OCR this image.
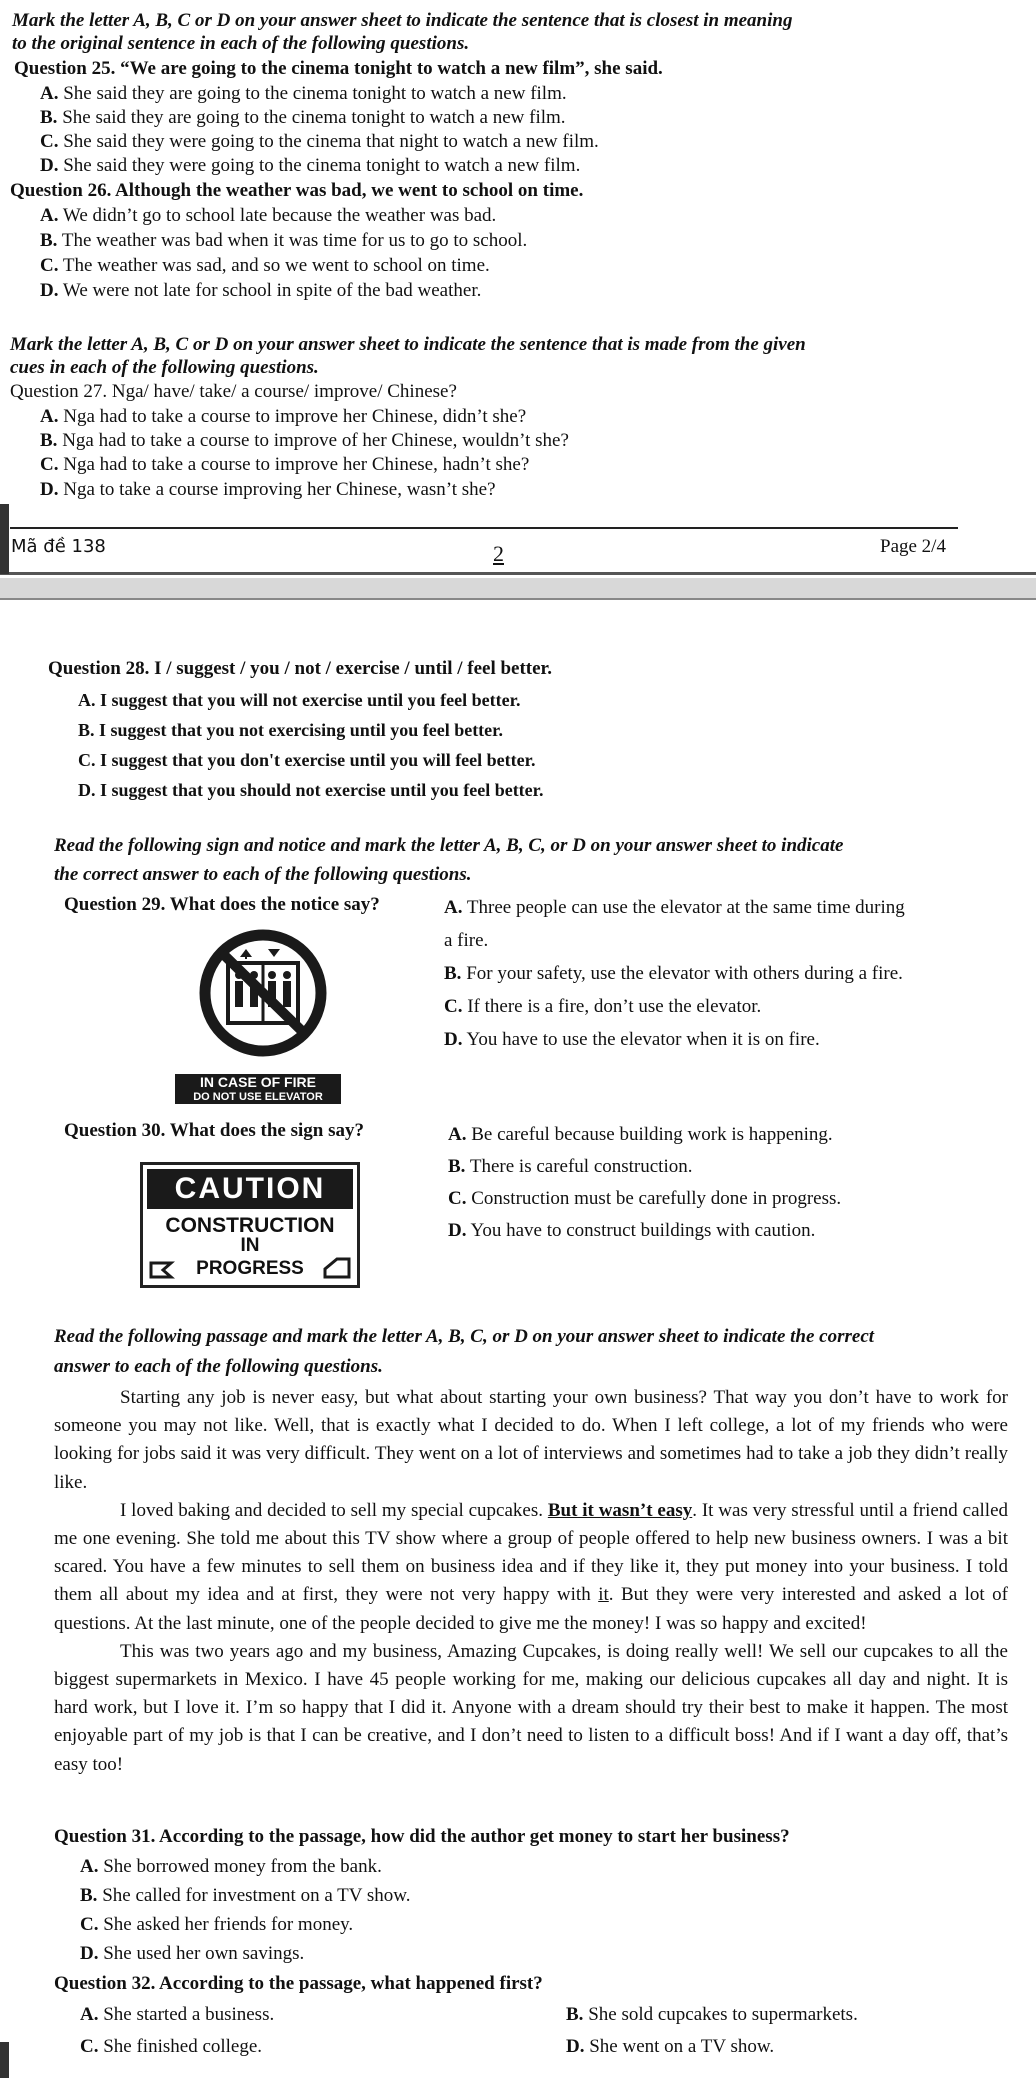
Mark the letter A, B, C or D on your answer sheet to indicate the sentence that is closest in meaning
to the original sentence in each of the following questions.
Question 25. “We are going to the cinema tonight to watch a new film”, she said.
A. She said they are going to the cinema tonight to watch a new film.
B. She said they are going to the cinema tonight to watch a new film.
C. She said they were going to the cinema that night to watch a new film.
D. She said they were going to the cinema tonight to watch a new film.
Question 26. Although the weather was bad, we went to school on time.
A. We didn’t go to school late because the weather was bad.
B. The weather was bad when it was time for us to go to school.
C. The weather was sad, and so we went to school on time.
D. We were not late for school in spite of the bad weather.
Mark the letter A, B, C or D on your answer sheet to indicate the sentence that is made from the given
cues in each of the following questions.
Question 27. Nga/ have/ take/ a course/ improve/ Chinese?
A. Nga had to take a course to improve her Chinese, didn’t she?
B. Nga had to take a course to improve of her Chinese, wouldn’t she?
C. Nga had to take a course to improve her Chinese, hadn’t she?
D. Nga to take a course improving her Chinese, wasn’t she?
Mã đề 138	2	Page 2/4
Question 28. I / suggest / you / not / exercise / until / feel better.
A. I suggest that you will not exercise until you feel better.
B. I suggest that you not exercising until you feel better.
C. I suggest that you don't exercise until you will feel better.
D. I suggest that you should not exercise until you feel better.
Read the following sign and notice and mark the letter A, B, C, or D on your answer sheet to indicate
the correct answer to each of the following questions.
Question 29. What does the notice say?	A. Three people can use the elevator at the same time during
a fire.
B. For your safety, use the elevator with others during a fire.
C. If there is a fire, don’t use the elevator.
D. You have to use the elevator when it is on fire.
IN CASE OF FIRE
DO NOT USE ELEVATOR
Question 30. What does the sign say?	A. Be careful because building work is happening.
B. There is careful construction.
C. Construction must be carefully done in progress.
D. You have to construct buildings with caution.
CAUTION
CONSTRUCTION
IN
PROGRESS
Read the following passage and mark the letter A, B, C, or D on your answer sheet to indicate the correct
answer to each of the following questions.

Starting any job is never easy, but what about starting your own business? That way you don’t have to work for someone you may not like. Well, that is exactly what I decided to do. When I left college, a lot of my friends who were looking for jobs said it was very difficult. They went on a lot of interviews and sometimes had to take a job they didn’t really like.

I loved baking and decided to sell my special cupcakes. But it wasn’t easy. It was very stressful until a friend called me one evening. She told me about this TV show where a group of people offered to help new business owners. I was a bit scared. You have a few minutes to sell them on business idea and if they like it, they put money into your business. I told them all about my idea and at first, they were not very happy with it. But they were very interested and asked a lot of questions. At the last minute, one of the people decided to give me the money! I was so happy and excited!

This was two years ago and my business, Amazing Cupcakes, is doing really well! We sell our cupcakes to all the biggest supermarkets in Mexico. I have 45 people working for me, making our delicious cupcakes all day and night. It is hard work, but I love it. I’m so happy that I did it. Anyone with a dream should try their best to make it happen. The most enjoyable part of my job is that I can be creative, and I don’t need to listen to a difficult boss! And if I want a day off, that’s easy too!

Question 31. According to the passage, how did the author get money to start her business?
A. She borrowed money from the bank.
B. She called for investment on a TV show.
C. She asked her friends for money.
D. She used her own savings.
Question 32. According to the passage, what happened first?
A. She started a business.	B. She sold cupcakes to supermarkets.
C. She finished college.	D. She went on a TV show.
